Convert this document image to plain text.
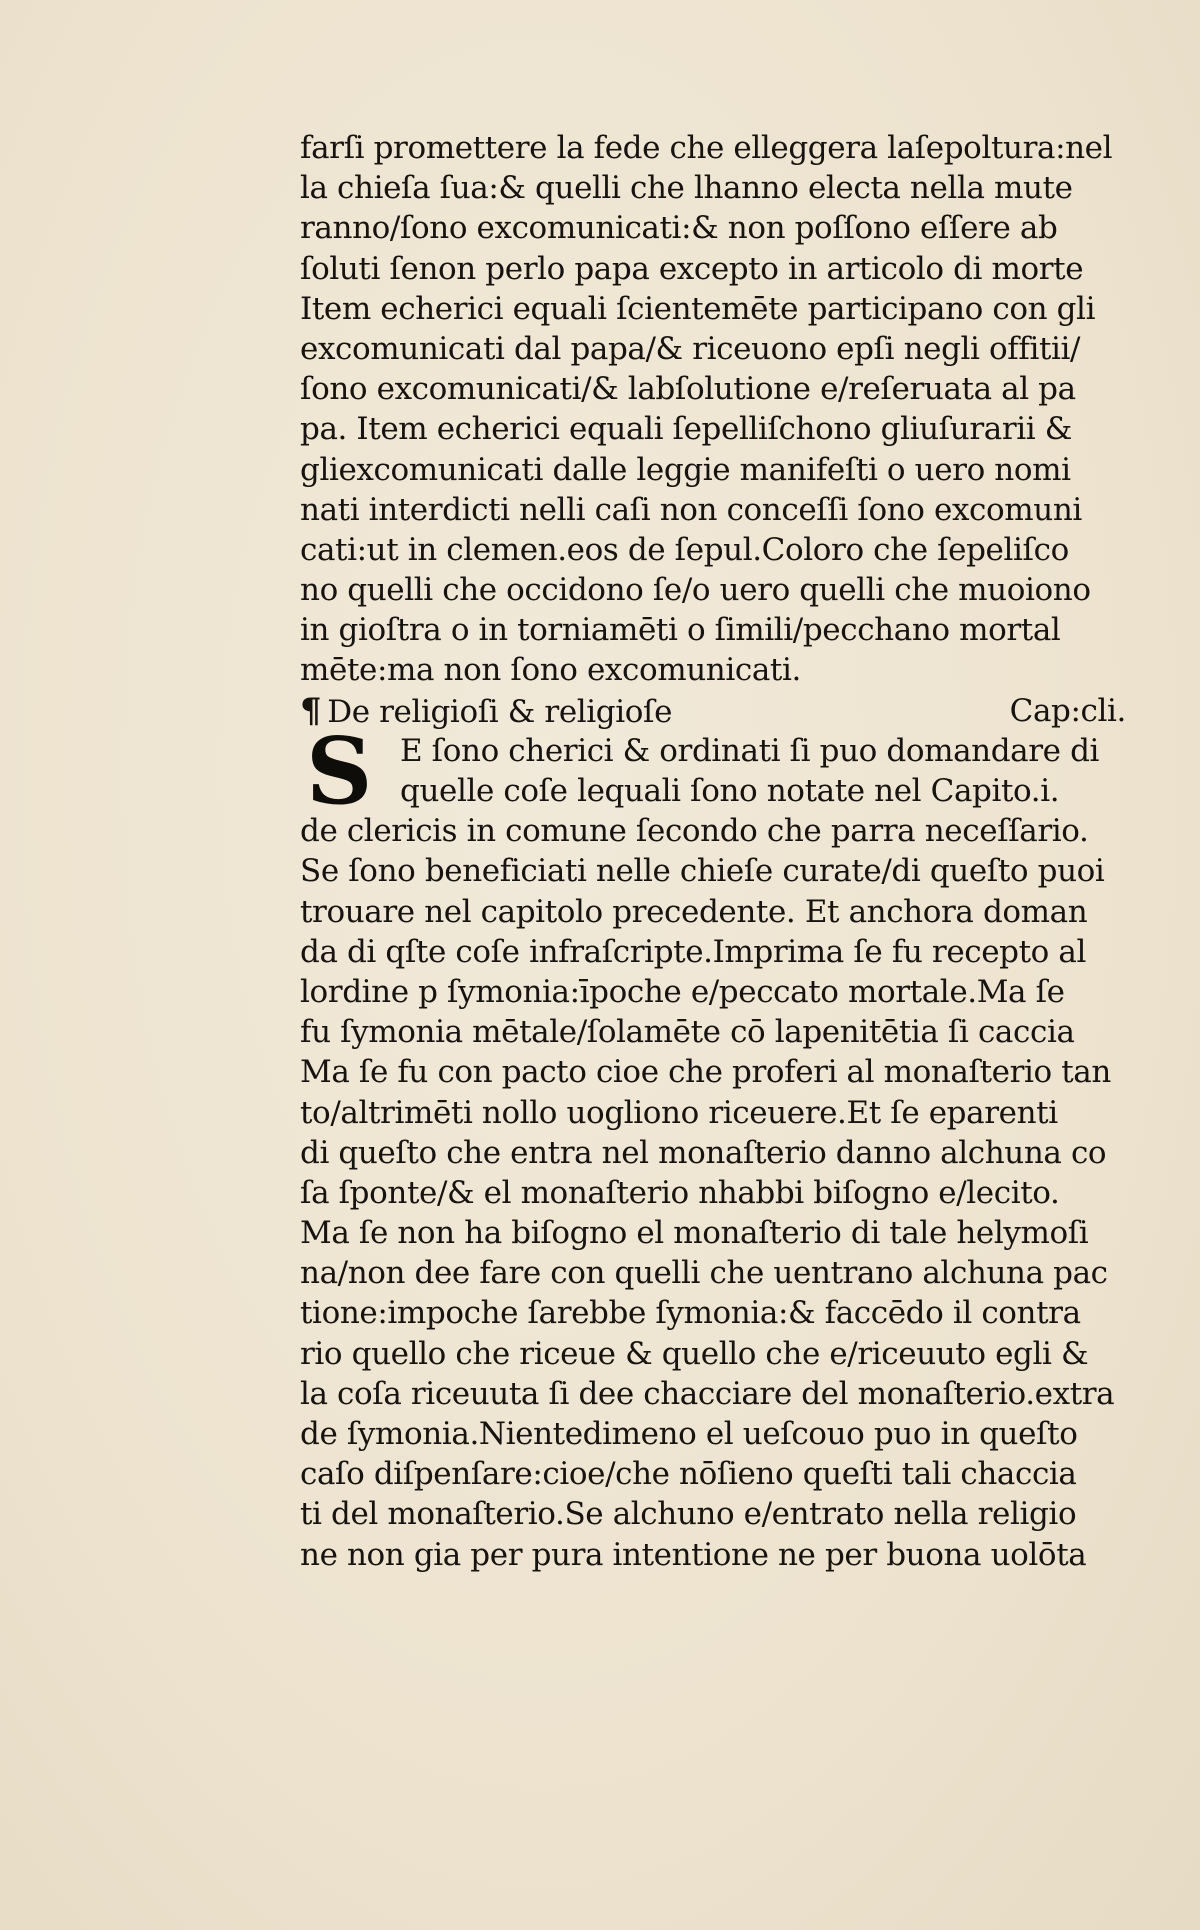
farſi promettere la fede che elleggera laſepoltura:nel
la chieſa ſua:& quelli che lhanno electa nella mute
ranno/ſono excomunicati:& non poſſono eſſere ab
ſoluti ſenon perlo papa excepto in articolo di morte
Item echerici equali ſcientemēte participano con gli
excomunicati dal papa/& riceuono epſi negli offitii/
ſono excomunicati/& labſolutione e/reſeruata al pa
pa. Item echerici equali ſepelliſchono gliuſurarii &
gliexcomunicati dalle leggie manifeſti o uero nomi
nati interdicti nelli caſi non conceſſi ſono excomuni
cati:ut in clemen.eos de ſepul.Coloro che ſepeliſco
no quelli che occidono ſe/o uero quelli che muoiono
in gioſtra o in torniamēti o ſimili/pecchano mortal
mēte:ma non ſono excomunicati.
¶ De religioſi & religioſe	Cap:cli.
S E ſono cherici & ordinati ſi puo domandare di
quelle coſe lequali ſono notate nel Capito.i.
de clericis in comune ſecondo che parra neceſſario.
Se ſono beneficiati nelle chieſe curate/di queſto puoi
trouare nel capitolo precedente. Et anchora doman
da di qſte coſe infraſcripte.Imprima ſe fu recepto al
lordine p ſymonia:īpoche e/peccato mortale.Ma ſe
fu ſymonia mētale/ſolamēte cō lapenitētia ſi caccia
Ma ſe fu con pacto cioe che proferi al monaſterio tan
to/altrimēti nollo uogliono riceuere.Et ſe eparenti
di queſto che entra nel monaſterio danno alchuna co
ſa ſponte/& el monaſterio nhabbi biſogno e/lecito.
Ma ſe non ha biſogno el monaſterio di tale helymoſi
na/non dee fare con quelli che uentrano alchuna pac
tione:impoche ſarebbe ſymonia:& faccēdo il contra
rio quello che riceue & quello che e/riceuuto egli &
la coſa riceuuta ſi dee chacciare del monaſterio.extra
de ſymonia.Nientedimeno el ueſcouo puo in queſto
caſo diſpenſare:cioe/che nōſieno queſti tali chaccia
ti del monaſterio.Se alchuno e/entrato nella religio
ne non gia per pura intentione ne per buona uolōta
